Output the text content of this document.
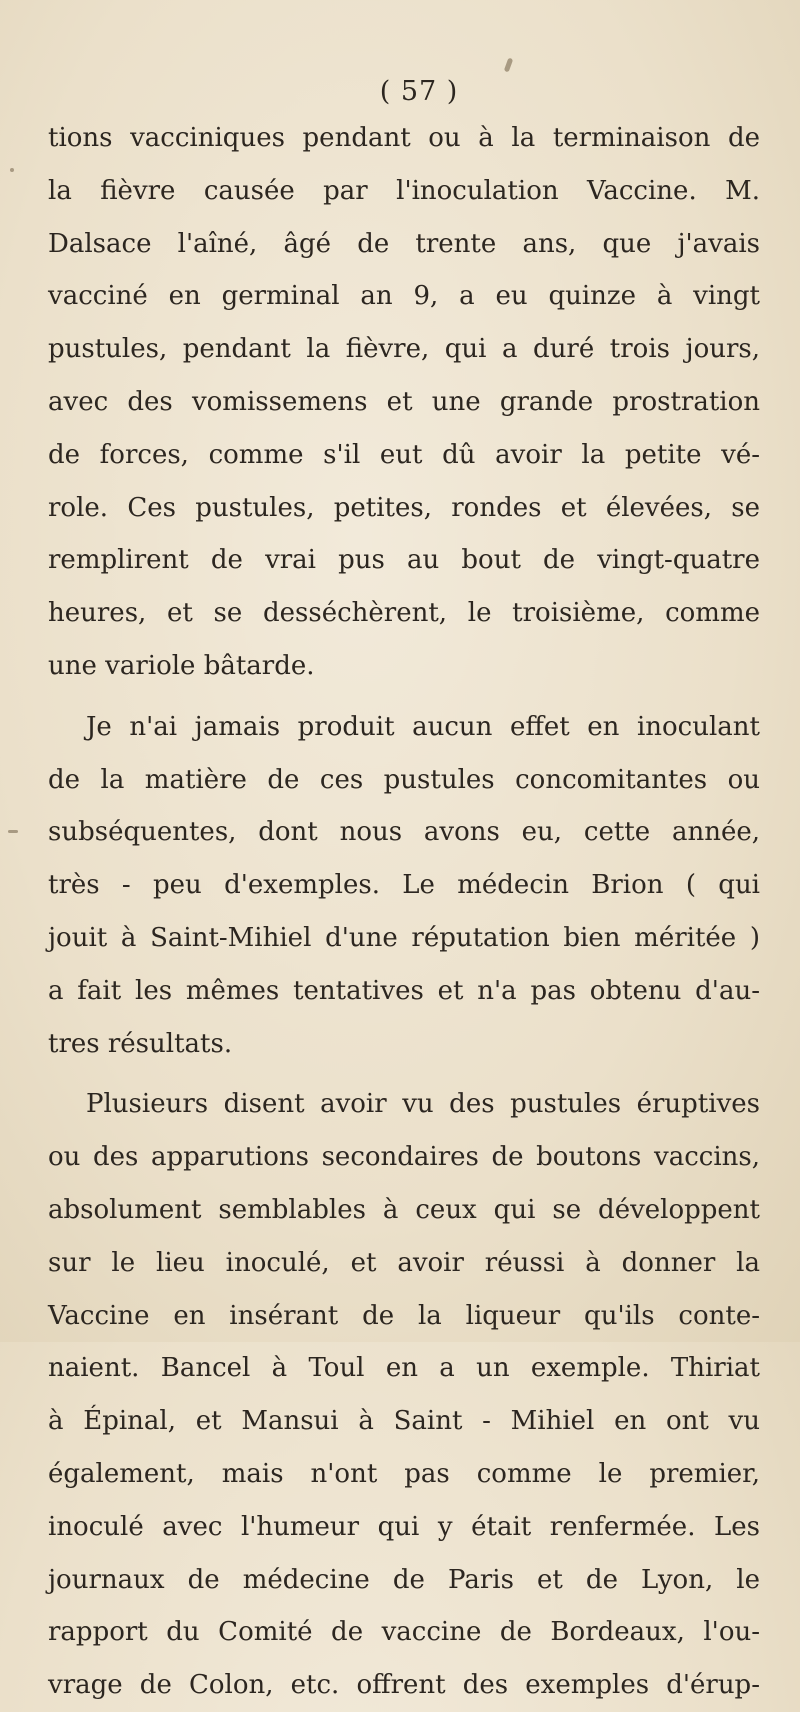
( 57 )
tions vacciniques pendant ou à la terminaison de
la fièvre causée par l'inoculation Vaccine. M.
Dalsace l'aîné, âgé de trente ans, que j'avais
vacciné en germinal an 9, a eu quinze à vingt
pustules, pendant la fièvre, qui a duré trois jours,
avec des vomissemens et une grande prostration
de forces, comme s'il eut dû avoir la petite vé-
role. Ces pustules, petites, rondes et élevées, se
remplirent de vrai pus au bout de vingt-quatre
heures, et se desséchèrent, le troisième, comme
une variole bâtarde.
Je n'ai jamais produit aucun effet en inoculant
de la matière de ces pustules concomitantes ou
subséquentes, dont nous avons eu, cette année,
très - peu d'exemples. Le médecin Brion ( qui
jouit à Saint-Mihiel d'une réputation bien méritée )
a fait les mêmes tentatives et n'a pas obtenu d'au-
tres résultats.
Plusieurs disent avoir vu des pustules éruptives
ou des apparutions secondaires de boutons vaccins,
absolument semblables à ceux qui se développent
sur le lieu inoculé, et avoir réussi à donner la
Vaccine en insérant de la liqueur qu'ils conte-
naient. Bancel à Toul en a un exemple. Thiriat
à Épinal, et Mansui à Saint - Mihiel en ont vu
également, mais n'ont pas comme le premier,
inoculé avec l'humeur qui y était renfermée. Les
journaux de médecine de Paris et de Lyon, le
rapport du Comité de vaccine de Bordeaux, l'ou-
vrage de Colon, etc. offrent des exemples d'érup-
